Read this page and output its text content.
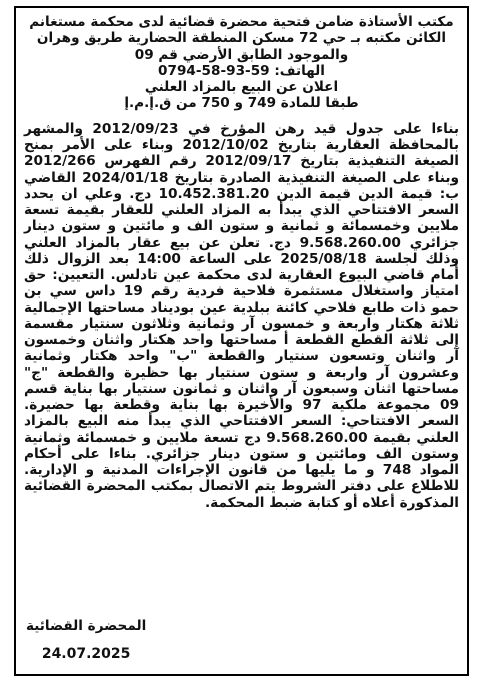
مكتب الأستاذة ضامن فتحية محضرة قضائية لدى محكمة مستغانم
الكائن مكتبه بـ حي 72 مسكن المنطقة الحضارية طريق وهران
والموجود الطابق الأرضي قم 09
الهاتف: 59-93-58-0794
اعلان عن البيع بالمزاد العلني
طبقا للمادة 749 و 750 من ق.إ.م.إ

بناءا على جدول قيد رهن المؤرخ في 2012/09/23 والمشهر بالمحافظة العقارية بتاريخ 2012/10/02 وبناء على الأمر بمنح الصيغة التنفيذية بتاريخ 2012/09/17 رقم الفهرس 2012/266 وبناء على الصيغة التنفيذية الصادرة بتاريخ 2024/01/18 القاضي ب: قيمة الدين قيمة الدين 10.452.381.20 دج. وعلي ان يحدد السعر الافتتاحي الذي يبدأ به المزاد العلني للعقار بقيمة تسعة ملايين وخمسمائة و ثمانية و ستون الف و مائتين و ستون دينار جزائري 9.568.260.00 دج. تعلن عن بيع عقار بالمزاد العلني وذلك لجلسة 2025/08/18 على الساعة 14:00 بعد الزوال ذلك أمام قاضي البيوع العقارية لدى محكمة عين تادلس. التعيين: حق امتياز واستغلال مستثمرة فلاحية فردية رقم 19 داس سي بن حمو ذات طابع فلاحي كائنة ببلدية عين بوديناد مساحتها الإجمالية ثلاثة هكتار واربعة و خمسون آر وثمانية وثلاثون سنتيار مقسمة إلى ثلاثة القطع القطعة أ مساحتها واحد هكتار واثنان وخمسون آر واثنان وتسعون سنتيار والقطعة "ب" واحد هكتار وثمانية وعشرون آر واربعة و ستون سنتيار بها حظيرة والقطعة "ج" مساحتها اثنان وسبعون آر واثنان و ثمانون سنتيار بها بناية قسم 09 مجموعة ملكية 97 والأخيرة بها بناية وقطعة بها حضيرة. السعر الافتتاحي: السعر الافتتاحي الذي يبدأ منه البيع بالمزاد العلني بقيمة 9.568.260.00 دج تسعة ملايين و خمسمائة وثمانية وستون الف ومائتين و ستون دينار جزائري. بناءا على أحكام المواد 748 و ما يليها من قانون الإجراءات المدنية و الإدارية. للاطلاع على دفتر الشروط يتم الاتصال بمكتب المحضرة القضائية المذكورة أعلاه أو كتابة ضبط المحكمة.

المحضرة القضائية
24.07.2025
